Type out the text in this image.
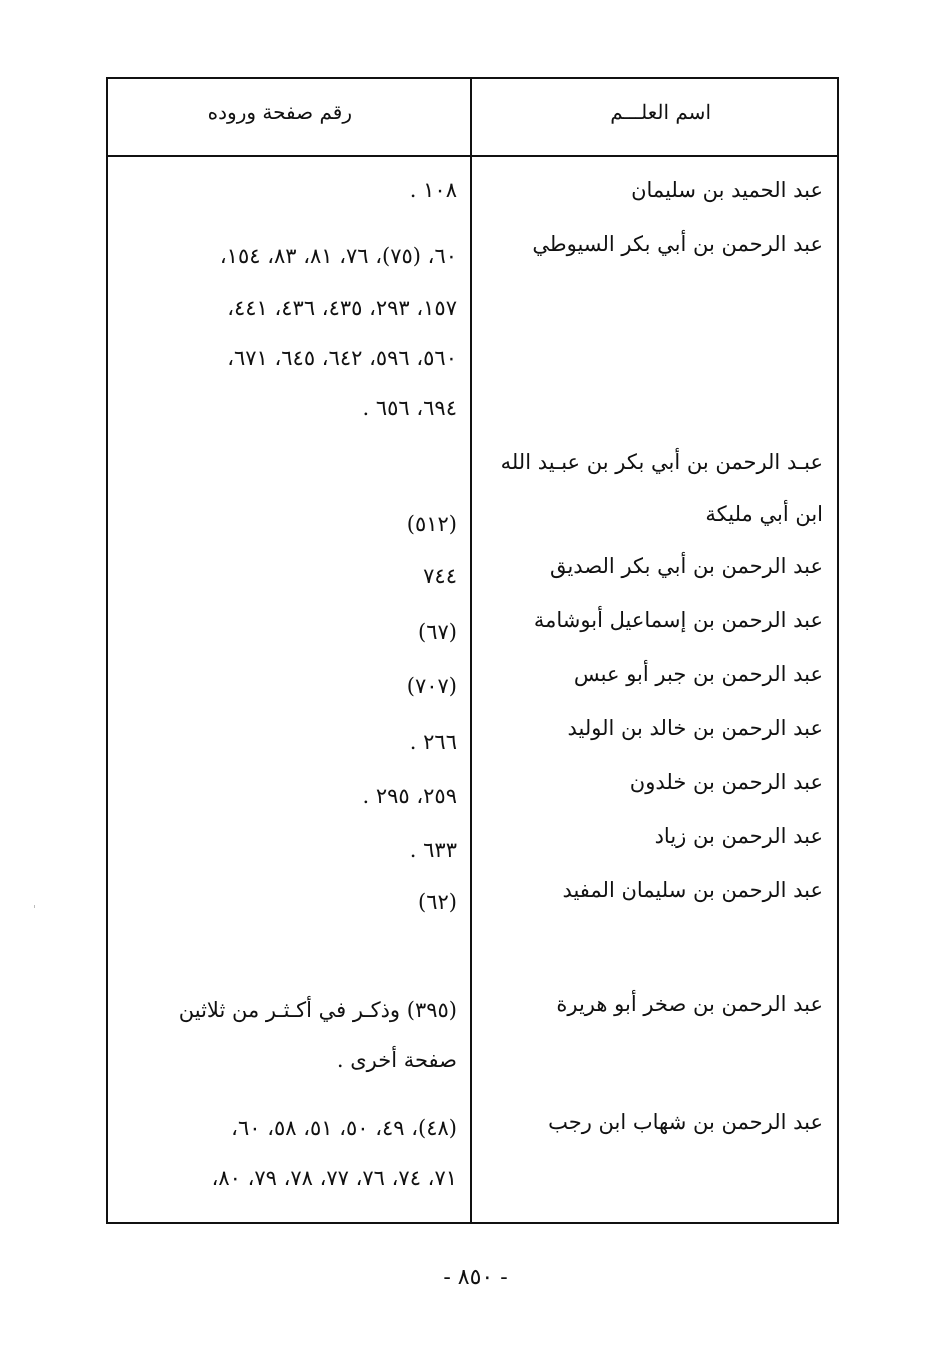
اسم العلـــم
رقم صفحة وروده
عبد الحميد بن سليمان
١٠٨ .
عبد الرحمن بن أبي بكر السيوطي
٦٠، (٧٥)، ٧٦، ٨١، ٨٣، ١٥٤،
١٥٧، ٢٩٣، ٤٣٥، ٤٣٦، ٤٤١،
٥٦٠، ٥٩٦، ٦٤٢، ٦٤٥، ٦٧١،
٦٩٤، ٦٥٦ .
عبـد الرحمن بن أبي بكر بن عبـيد الله
ابن أبي مليكة
(٥١٢)
عبد الرحمن بن أبي بكر الصديق
٧٤٤
عبد الرحمن بن إسماعيل أبوشامة
(٦٧)
عبد الرحمن بن جبر أبو عبس
(٧٠٧)
عبد الرحمن بن خالد بن الوليد
٢٦٦ .
عبد الرحمن بن خلدون
٢٥٩، ٢٩٥ .
عبد الرحمن بن زياد
٦٣٣ .
عبد الرحمن بن سليمان المفيد
(٦٢)
عبد الرحمن بن صخر أبو هريرة
(٣٩٥) وذكـر في أكـثـر من ثلاثين
صفحة أخرى .
عبد الرحمن بن شهاب ابن رجب
(٤٨)، ٤٩، ٥٠، ٥١، ٥٨، ٦٠،
٧١، ٧٤، ٧٦، ٧٧، ٧٨، ٧٩، ٨٠،
- ٨٥٠ -
